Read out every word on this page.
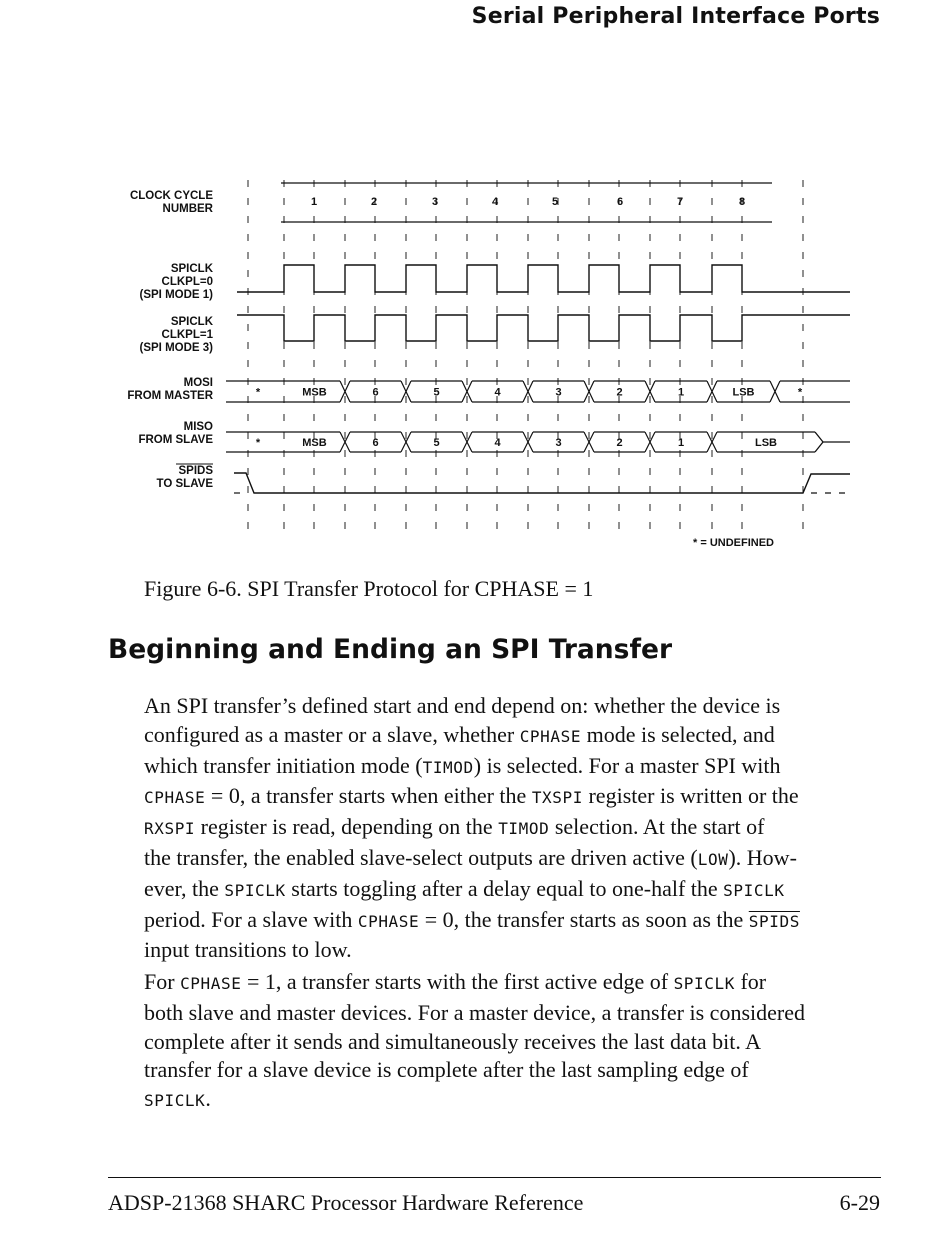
Serial Peripheral Interface Ports
CLOCK CYCLE
NUMBER
SPICLK
CLKPL=0
(SPI MODE 1)
SPICLK
CLKPL=1
(SPI MODE 3)
MOSI
FROM MASTER
MISO
FROM SLAVE
SPIDS
TO SLAVE
1	2	3	4	5	6	7	8
*	MSB	6	5	4	3	2	1	LSB	*
*	MSB	6	5	4	3	2	1	LSB
* = UNDEFINED
Figure 6-6. SPI Transfer Protocol for CPHASE = 1
Beginning and Ending an SPI Transfer

An SPI transfer’s defined start and end depend on: whether the device is
configured as a master or a slave, whether CPHASE mode is selected, and
which transfer initiation mode (TIMOD) is selected. For a master SPI with
CPHASE = 0, a transfer starts when either the TXSPI register is written or the
RXSPI register is read, depending on the TIMOD selection. At the start of
the transfer, the enabled slave-select outputs are driven active (LOW). How-
ever, the SPICLK starts toggling after a delay equal to one-half the SPICLK
period. For a slave with CPHASE = 0, the transfer starts as soon as the SPIDS
input transitions to low.

For CPHASE = 1, a transfer starts with the first active edge of SPICLK for
both slave and master devices. For a master device, a transfer is considered
complete after it sends and simultaneously receives the last data bit. A
transfer for a slave device is complete after the last sampling edge of
SPICLK.

ADSP-21368 SHARC Processor Hardware Reference	6-29
